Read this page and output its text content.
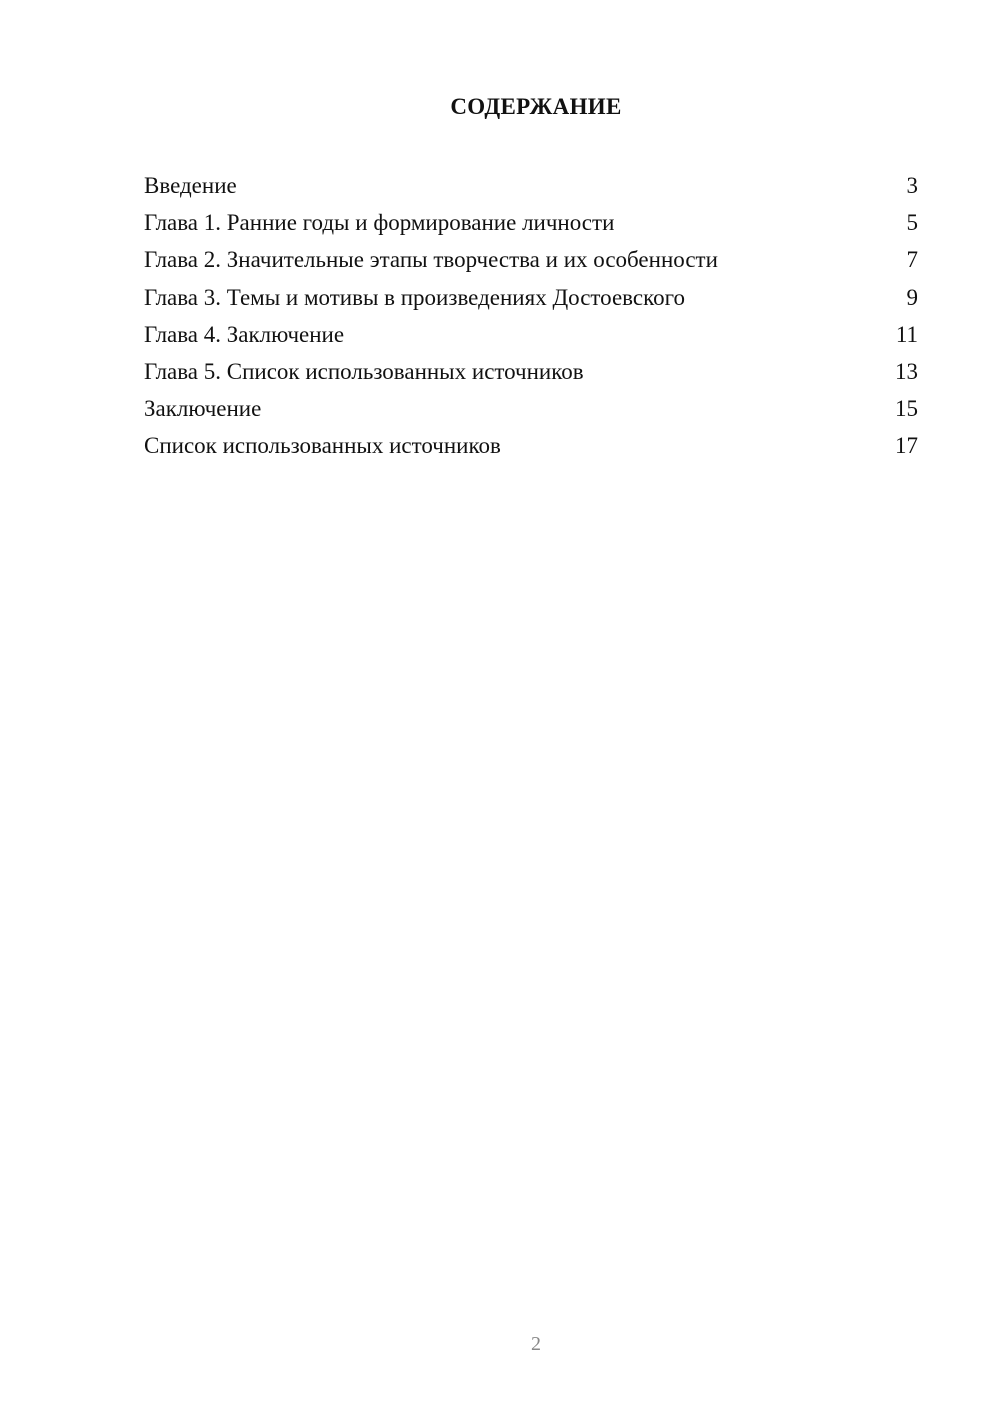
СОДЕРЖАНИЕ
Введение	3
Глава 1. Ранние годы и формирование личности	5
Глава 2. Значительные этапы творчества и их особенности	7
Глава 3. Темы и мотивы в произведениях Достоевского	9
Глава 4. Заключение	11
Глава 5. Список использованных источников	13
Заключение	15
Список использованных источников	17
2
